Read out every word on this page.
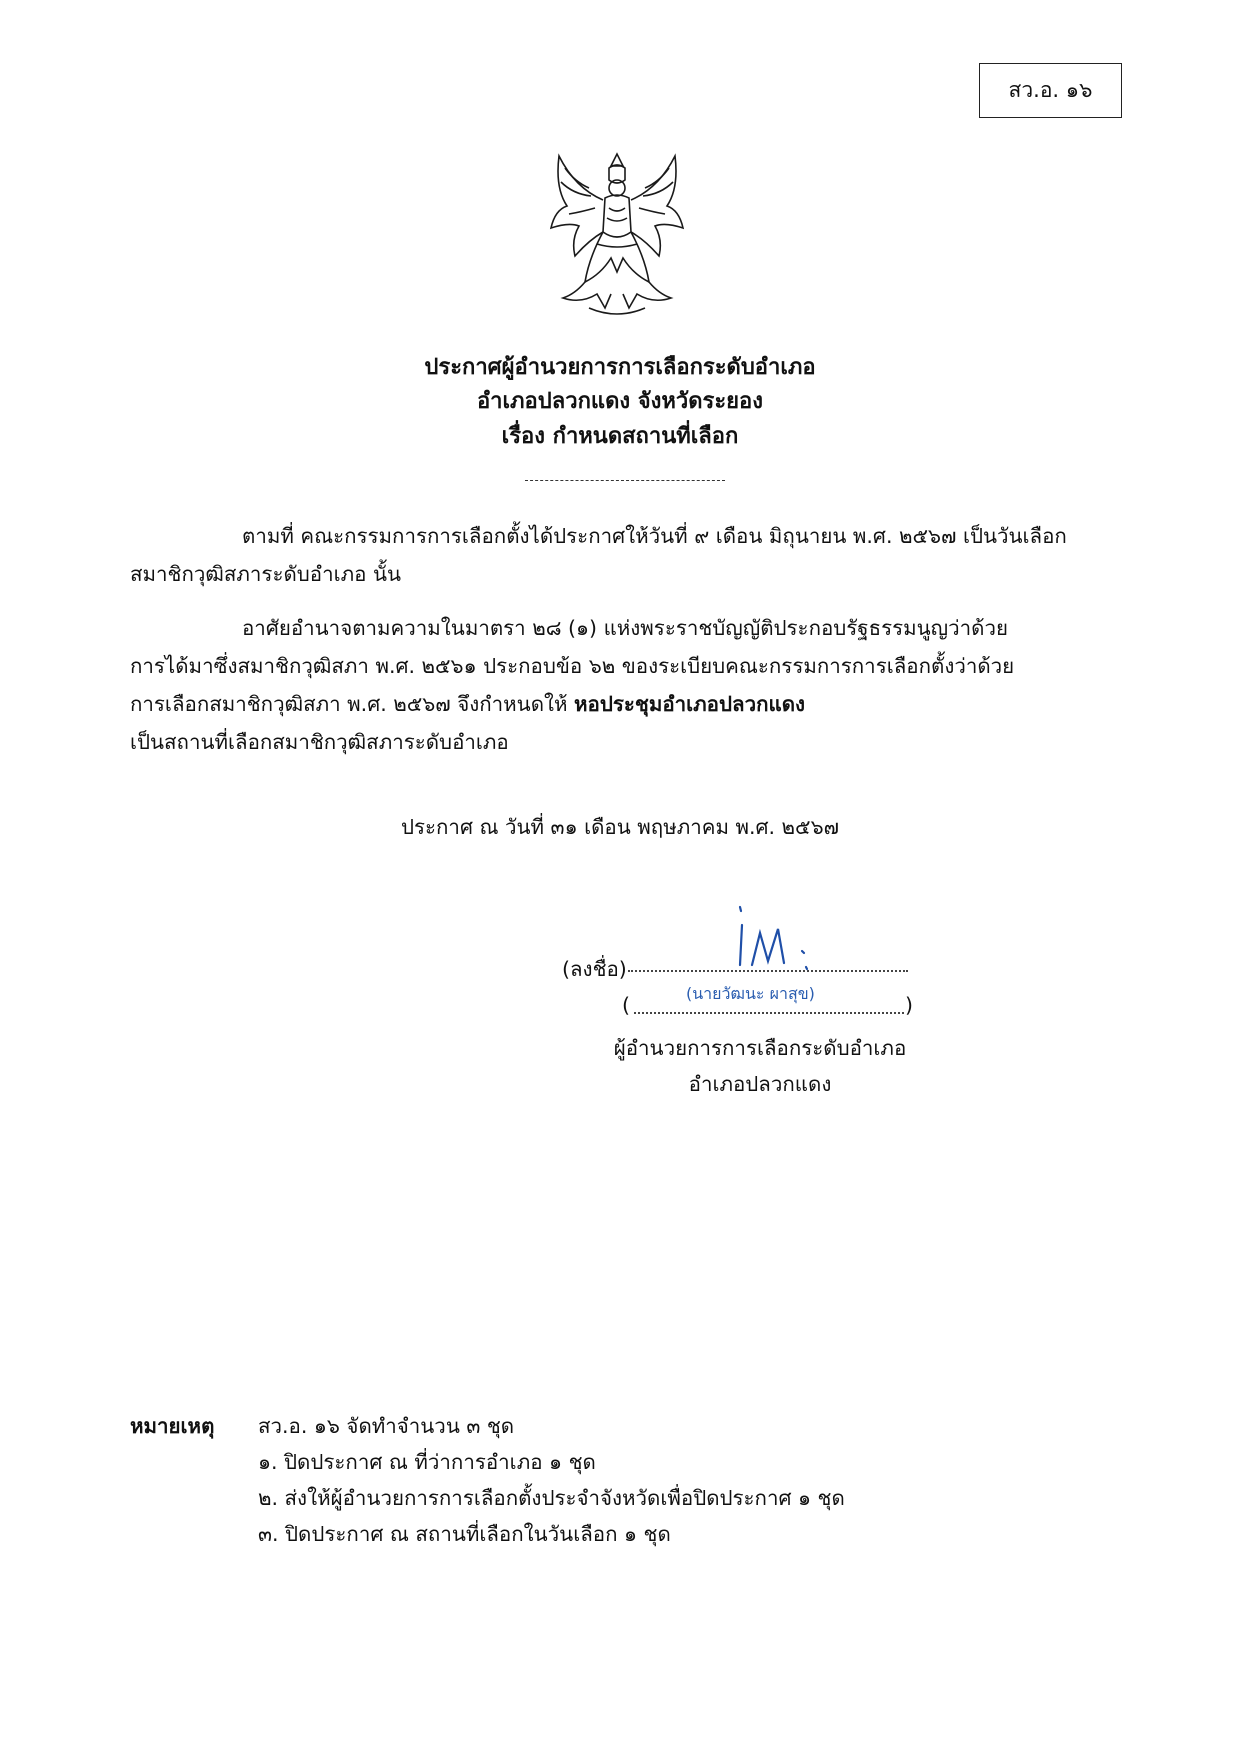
สว.อ. ๑๖
ประกาศผู้อำนวยการการเลือกระดับอำเภอ
อำเภอปลวกแดง จังหวัดระยอง
เรื่อง กำหนดสถานที่เลือก
ตามที่ คณะกรรมการการเลือกตั้งได้ประกาศให้วันที่ ๙ เดือน มิถุนายน พ.ศ. ๒๕๖๗ เป็นวันเลือก
สมาชิกวุฒิสภาระดับอำเภอ นั้น
อาศัยอำนาจตามความในมาตรา ๒๘ (๑) แห่งพระราชบัญญัติประกอบรัฐธรรมนูญว่าด้วย
การได้มาซึ่งสมาชิกวุฒิสภา พ.ศ. ๒๕๖๑ ประกอบข้อ ๖๒ ของระเบียบคณะกรรมการการเลือกตั้งว่าด้วย
การเลือกสมาชิกวุฒิสภา พ.ศ. ๒๕๖๗ จึงกำหนดให้ หอประชุมอำเภอปลวกแดง
เป็นสถานที่เลือกสมาชิกวุฒิสภาระดับอำเภอ
ประกาศ ณ วันที่ ๓๑ เดือน พฤษภาคม พ.ศ. ๒๕๖๗
(ลงชื่อ)
(	(นายวัฒนะ ผาสุข)	)
ผู้อำนวยการการเลือกระดับอำเภอ
อำเภอปลวกแดง
หมายเหตุ สว.อ. ๑๖ จัดทำจำนวน ๓ ชุด
๑. ปิดประกาศ ณ ที่ว่าการอำเภอ ๑ ชุด
๒. ส่งให้ผู้อำนวยการการเลือกตั้งประจำจังหวัดเพื่อปิดประกาศ ๑ ชุด
๓. ปิดประกาศ ณ สถานที่เลือกในวันเลือก ๑ ชุด
